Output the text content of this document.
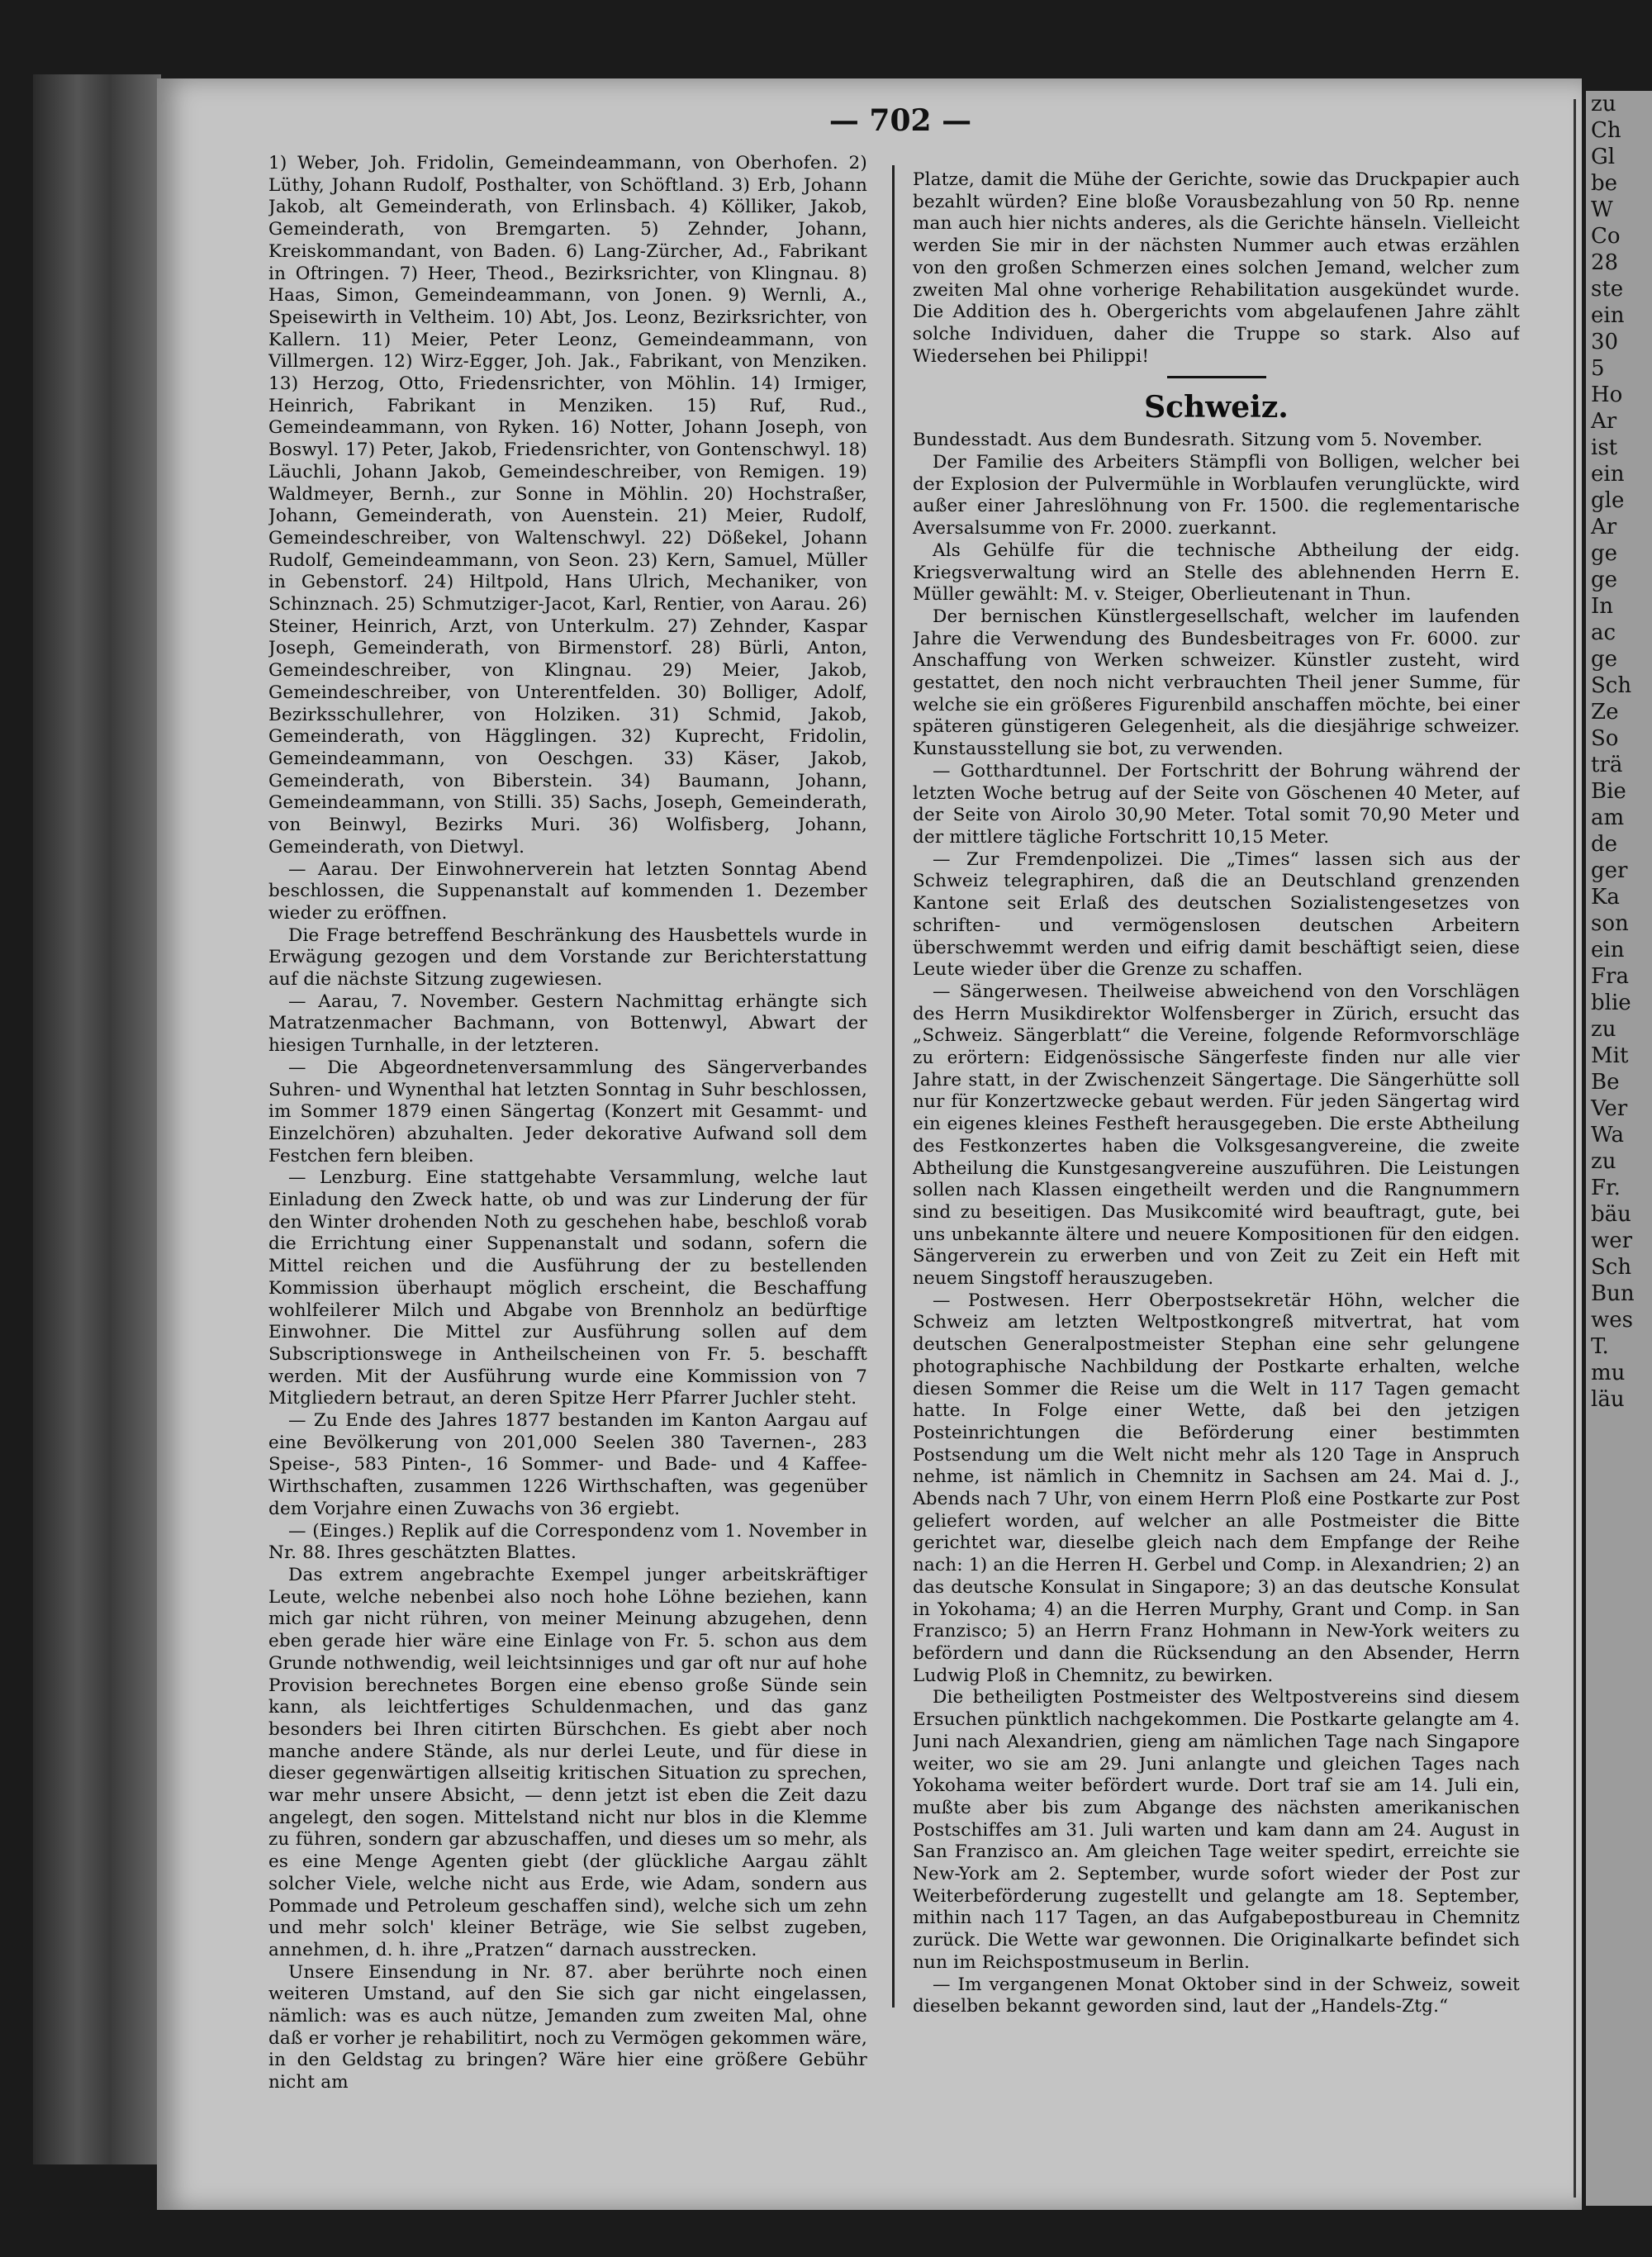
zu
Ch
Gl
be
W
Co
28
ste
ein
30
5
Ho
Ar
ist
ein
gle
Ar
ge
ge
In
ac
ge
Sch
Ze
So
trä
Bie
am
de
ger
Ka
son
ein
Fra
blie
zu
Mit
Be
Ver
Wa
zu
Fr.
bäu
wer
Sch
Bun
wes
T.
mu
läu
— 702 —

1) Weber, Joh. Fridolin, Gemeindeammann, von Oberhofen. 2) Lüthy, Johann Rudolf, Posthalter, von Schöftland. 3) Erb, Johann Jakob, alt Gemeinderath, von Erlinsbach. 4) Kölliker, Jakob, Gemeinderath, von Bremgarten. 5) Zehnder, Johann, Kreiskommandant, von Baden. 6) Lang-Zürcher, Ad., Fabrikant in Oftringen. 7) Heer, Theod., Bezirksrichter, von Klingnau. 8) Haas, Simon, Gemeindeammann, von Jonen. 9) Wernli, A., Speisewirth in Veltheim. 10) Abt, Jos. Leonz, Bezirksrichter, von Kallern. 11) Meier, Peter Leonz, Gemeindeammann, von Villmergen. 12) Wirz-Egger, Joh. Jak., Fabrikant, von Menziken. 13) Herzog, Otto, Friedensrichter, von Möhlin. 14) Irmiger, Heinrich, Fabrikant in Menziken. 15) Ruf, Rud., Gemeindeammann, von Ryken. 16) Notter, Johann Joseph, von Boswyl. 17) Peter, Jakob, Friedensrichter, von Gontenschwyl. 18) Läuchli, Johann Jakob, Gemeindeschreiber, von Remigen. 19) Waldmeyer, Bernh., zur Sonne in Möhlin. 20) Hochstraßer, Johann, Gemeinderath, von Auenstein. 21) Meier, Rudolf, Gemeindeschreiber, von Waltenschwyl. 22) Dößekel, Johann Rudolf, Gemeindeammann, von Seon. 23) Kern, Samuel, Müller in Gebenstorf. 24) Hiltpold, Hans Ulrich, Mechaniker, von Schinznach. 25) Schmutziger-Jacot, Karl, Rentier, von Aarau. 26) Steiner, Heinrich, Arzt, von Unterkulm. 27) Zehnder, Kaspar Joseph, Gemeinderath, von Birmenstorf. 28) Bürli, Anton, Gemeindeschreiber, von Klingnau. 29) Meier, Jakob, Gemeindeschreiber, von Unterentfelden. 30) Bolliger, Adolf, Bezirksschullehrer, von Holziken. 31) Schmid, Jakob, Gemeinderath, von Hägglingen. 32) Kuprecht, Fridolin, Gemeindeammann, von Oeschgen. 33) Käser, Jakob, Gemeinderath, von Biberstein. 34) Baumann, Johann, Gemeindeammann, von Stilli. 35) Sachs, Joseph, Gemeinderath, von Beinwyl, Bezirks Muri. 36) Wolfisberg, Johann, Gemeinderath, von Dietwyl.

— Aarau. Der Einwohnerverein hat letzten Sonntag Abend beschlossen, die Suppenanstalt auf kommenden 1. Dezember wieder zu eröffnen.

Die Frage betreffend Beschränkung des Hausbettels wurde in Erwägung gezogen und dem Vorstande zur Berichterstattung auf die nächste Sitzung zugewiesen.

— Aarau, 7. November. Gestern Nachmittag erhängte sich Matratzenmacher Bachmann, von Bottenwyl, Abwart der hiesigen Turnhalle, in der letzteren.

— Die Abgeordnetenversammlung des Sängerverbandes Suhren- und Wynenthal hat letzten Sonntag in Suhr beschlossen, im Sommer 1879 einen Sängertag (Konzert mit Gesammt- und Einzelchören) abzuhalten. Jeder dekorative Aufwand soll dem Festchen fern bleiben.

— Lenzburg. Eine stattgehabte Versammlung, welche laut Einladung den Zweck hatte, ob und was zur Linderung der für den Winter drohenden Noth zu geschehen habe, beschloß vorab die Errichtung einer Suppenanstalt und sodann, sofern die Mittel reichen und die Ausführung der zu bestellenden Kommission überhaupt möglich erscheint, die Beschaffung wohlfeilerer Milch und Abgabe von Brennholz an bedürftige Einwohner. Die Mittel zur Ausführung sollen auf dem Subscriptionswege in Antheilscheinen von Fr. 5. beschafft werden. Mit der Ausführung wurde eine Kommission von 7 Mitgliedern betraut, an deren Spitze Herr Pfarrer Juchler steht.

— Zu Ende des Jahres 1877 bestanden im Kanton Aargau auf eine Bevölkerung von 201,000 Seelen 380 Tavernen-, 283 Speise-, 583 Pinten-, 16 Sommer- und Bade- und 4 Kaffee-Wirthschaften, zusammen 1226 Wirthschaften, was gegenüber dem Vorjahre einen Zuwachs von 36 ergiebt.

— (Einges.) Replik auf die Correspondenz vom 1. November in Nr. 88. Ihres geschätzten Blattes.

Das extrem angebrachte Exempel junger arbeitskräftiger Leute, welche nebenbei also noch hohe Löhne beziehen, kann mich gar nicht rühren, von meiner Meinung abzugehen, denn eben gerade hier wäre eine Einlage von Fr. 5. schon aus dem Grunde nothwendig, weil leichtsinniges und gar oft nur auf hohe Provision berechnetes Borgen eine ebenso große Sünde sein kann, als leichtfertiges Schuldenmachen, und das ganz besonders bei Ihren citirten Bürschchen. Es giebt aber noch manche andere Stände, als nur derlei Leute, und für diese in dieser gegenwärtigen allseitig kritischen Situation zu sprechen, war mehr unsere Absicht, — denn jetzt ist eben die Zeit dazu angelegt, den sogen. Mittelstand nicht nur blos in die Klemme zu führen, sondern gar abzuschaffen, und dieses um so mehr, als es eine Menge Agenten giebt (der glückliche Aargau zählt solcher Viele, welche nicht aus Erde, wie Adam, sondern aus Pommade und Petroleum geschaffen sind), welche sich um zehn und mehr solch' kleiner Beträge, wie Sie selbst zugeben, annehmen, d. h. ihre „Pratzen“ darnach ausstrecken.

Unsere Einsendung in Nr. 87. aber berührte noch einen weiteren Umstand, auf den Sie sich gar nicht eingelassen, nämlich: was es auch nütze, Jemanden zum zweiten Mal, ohne daß er vorher je rehabilitirt, noch zu Vermögen gekommen wäre, in den Geldstag zu bringen? Wäre hier eine größere Gebühr nicht am

Platze, damit die Mühe der Gerichte, sowie das Druckpapier auch bezahlt würden? Eine bloße Vorausbezahlung von 50 Rp. nenne man auch hier nichts anderes, als die Gerichte hänseln. Vielleicht werden Sie mir in der nächsten Nummer auch etwas erzählen von den großen Schmerzen eines solchen Jemand, welcher zum zweiten Mal ohne vorherige Rehabilitation ausgekündet wurde. Die Addition des h. Obergerichts vom abgelaufenen Jahre zählt solche Individuen, daher die Truppe so stark. Also auf Wiedersehen bei Philippi!

Schweiz.

Bundesstadt. Aus dem Bundesrath. Sitzung vom 5. November.

Der Familie des Arbeiters Stämpfli von Bolligen, welcher bei der Explosion der Pulvermühle in Worblaufen verunglückte, wird außer einer Jahreslöhnung von Fr. 1500. die reglementarische Aversalsumme von Fr. 2000. zuerkannt.

Als Gehülfe für die technische Abtheilung der eidg. Kriegsverwaltung wird an Stelle des ablehnenden Herrn E. Müller gewählt: M. v. Steiger, Oberlieutenant in Thun.

Der bernischen Künstlergesellschaft, welcher im laufenden Jahre die Verwendung des Bundesbeitrages von Fr. 6000. zur Anschaffung von Werken schweizer. Künstler zusteht, wird gestattet, den noch nicht verbrauchten Theil jener Summe, für welche sie ein größeres Figurenbild anschaffen möchte, bei einer späteren günstigeren Gelegenheit, als die diesjährige schweizer. Kunstausstellung sie bot, zu verwenden.

— Gotthardtunnel. Der Fortschritt der Bohrung während der letzten Woche betrug auf der Seite von Göschenen 40 Meter, auf der Seite von Airolo 30,90 Meter. Total somit 70,90 Meter und der mittlere tägliche Fortschritt 10,15 Meter.

— Zur Fremdenpolizei. Die „Times“ lassen sich aus der Schweiz telegraphiren, daß die an Deutschland grenzenden Kantone seit Erlaß des deutschen Sozialistengesetzes von schriften- und vermögenslosen deutschen Arbeitern überschwemmt werden und eifrig damit beschäftigt seien, diese Leute wieder über die Grenze zu schaffen.

— Sängerwesen. Theilweise abweichend von den Vorschlägen des Herrn Musikdirektor Wolfensberger in Zürich, ersucht das „Schweiz. Sängerblatt“ die Vereine, folgende Reformvorschläge zu erörtern: Eidgenössische Sängerfeste finden nur alle vier Jahre statt, in der Zwischenzeit Sängertage. Die Sängerhütte soll nur für Konzertzwecke gebaut werden. Für jeden Sängertag wird ein eigenes kleines Festheft herausgegeben. Die erste Abtheilung des Festkonzertes haben die Volksgesangvereine, die zweite Abtheilung die Kunstgesangvereine auszuführen. Die Leistungen sollen nach Klassen eingetheilt werden und die Rangnummern sind zu beseitigen. Das Musikcomité wird beauftragt, gute, bei uns unbekannte ältere und neuere Kompositionen für den eidgen. Sängerverein zu erwerben und von Zeit zu Zeit ein Heft mit neuem Singstoff herauszugeben.

— Postwesen. Herr Oberpostsekretär Höhn, welcher die Schweiz am letzten Weltpostkongreß mitvertrat, hat vom deutschen Generalpostmeister Stephan eine sehr gelungene photographische Nachbildung der Postkarte erhalten, welche diesen Sommer die Reise um die Welt in 117 Tagen gemacht hatte. In Folge einer Wette, daß bei den jetzigen Posteinrichtungen die Beförderung einer bestimmten Postsendung um die Welt nicht mehr als 120 Tage in Anspruch nehme, ist nämlich in Chemnitz in Sachsen am 24. Mai d. J., Abends nach 7 Uhr, von einem Herrn Ploß eine Postkarte zur Post geliefert worden, auf welcher an alle Postmeister die Bitte gerichtet war, dieselbe gleich nach dem Empfange der Reihe nach: 1) an die Herren H. Gerbel und Comp. in Alexandrien; 2) an das deutsche Konsulat in Singapore; 3) an das deutsche Konsulat in Yokohama; 4) an die Herren Murphy, Grant und Comp. in San Franzisco; 5) an Herrn Franz Hohmann in New-York weiters zu befördern und dann die Rücksendung an den Absender, Herrn Ludwig Ploß in Chemnitz, zu bewirken.

Die betheiligten Postmeister des Weltpostvereins sind diesem Ersuchen pünktlich nachgekommen. Die Postkarte gelangte am 4. Juni nach Alexandrien, gieng am nämlichen Tage nach Singapore weiter, wo sie am 29. Juni anlangte und gleichen Tages nach Yokohama weiter befördert wurde. Dort traf sie am 14. Juli ein, mußte aber bis zum Abgange des nächsten amerikanischen Postschiffes am 31. Juli warten und kam dann am 24. August in San Franzisco an. Am gleichen Tage weiter spedirt, erreichte sie New-York am 2. September, wurde sofort wieder der Post zur Weiterbeförderung zugestellt und gelangte am 18. September, mithin nach 117 Tagen, an das Aufgabepostbureau in Chemnitz zurück. Die Wette war gewonnen. Die Originalkarte befindet sich nun im Reichspostmuseum in Berlin.

— Im vergangenen Monat Oktober sind in der Schweiz, soweit dieselben bekannt geworden sind, laut der „Handels-Ztg.“
